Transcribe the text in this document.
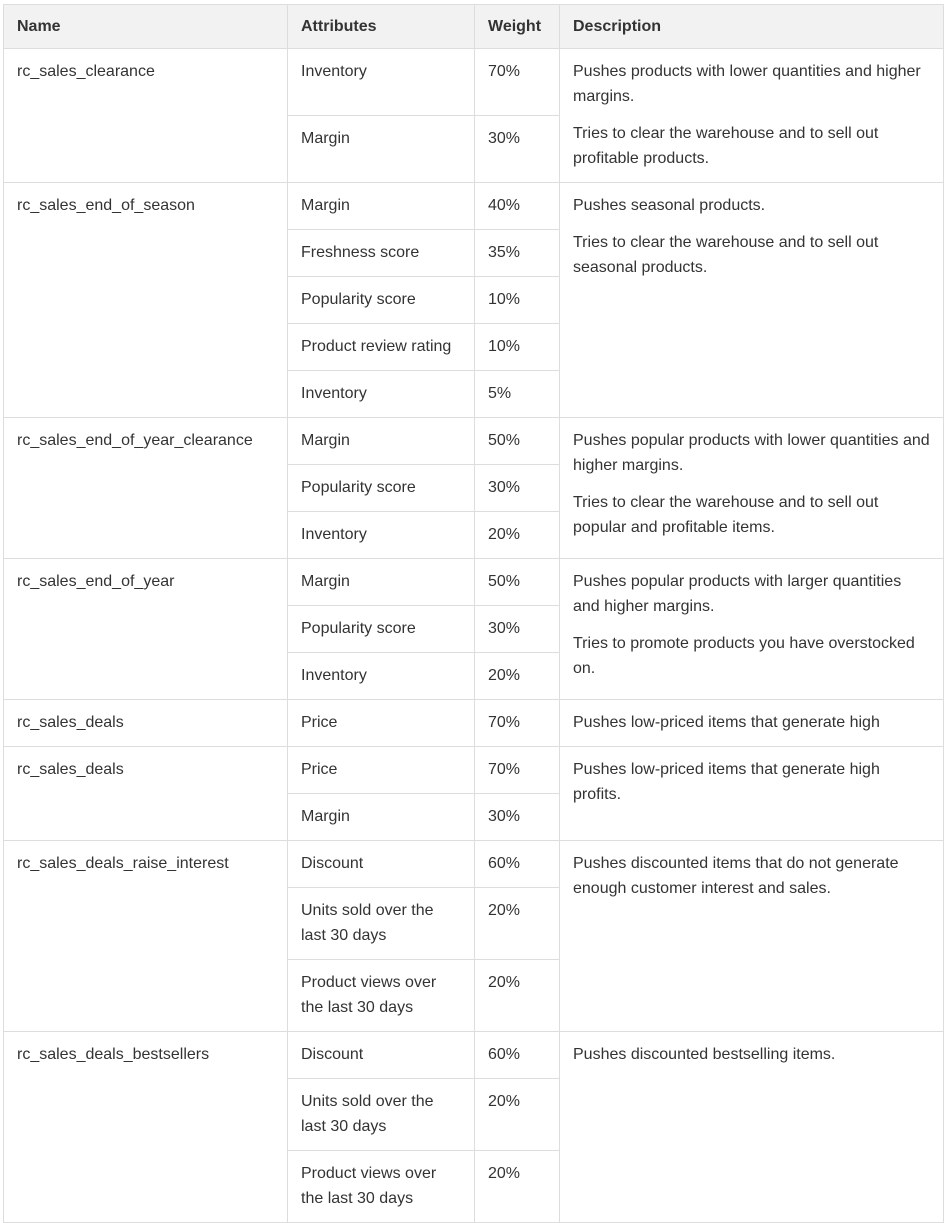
Name	Attributes	Weight	Description
rc_sales_clearance	Inventory	70%	Pushes products with lower quantities and higher margins.

Tries to clear the warehouse and to sell out profitable products.

	Margin	30%	
rc_sales_end_of_season	Margin	40%	Pushes seasonal products.

Tries to clear the warehouse and to sell out seasonal products.

	Freshness score	35%	
	Popularity score	10%	
	Product review rating	10%	
	Inventory	5%	
rc_sales_end_of_year_clearance	Margin	50%	Pushes popular products with lower quantities and higher margins.

Tries to clear the warehouse and to sell out popular and profitable items.

	Popularity score	30%	
	Inventory	20%	
rc_sales_end_of_year	Margin	50%	Pushes popular products with larger quantities and higher margins.

Tries to promote products you have overstocked on.

	Popularity score	30%	
	Inventory	20%	
rc_sales_deals	Price	70%	Pushes low-priced items that generate high

rc_sales_deals	Price	70%	Pushes low-priced items that generate high profits.

	Margin	30%	
rc_sales_deals_raise_interest	Discount	60%	Pushes discounted items that do not generate enough customer interest and sales.

	Units sold over the last 30 days	20%	
	Product views over the last 30 days	20%	
rc_sales_deals_bestsellers	Discount	60%	Pushes discounted bestselling items.

	Units sold over the last 30 days	20%	
	Product views over the last 30 days	20%	
